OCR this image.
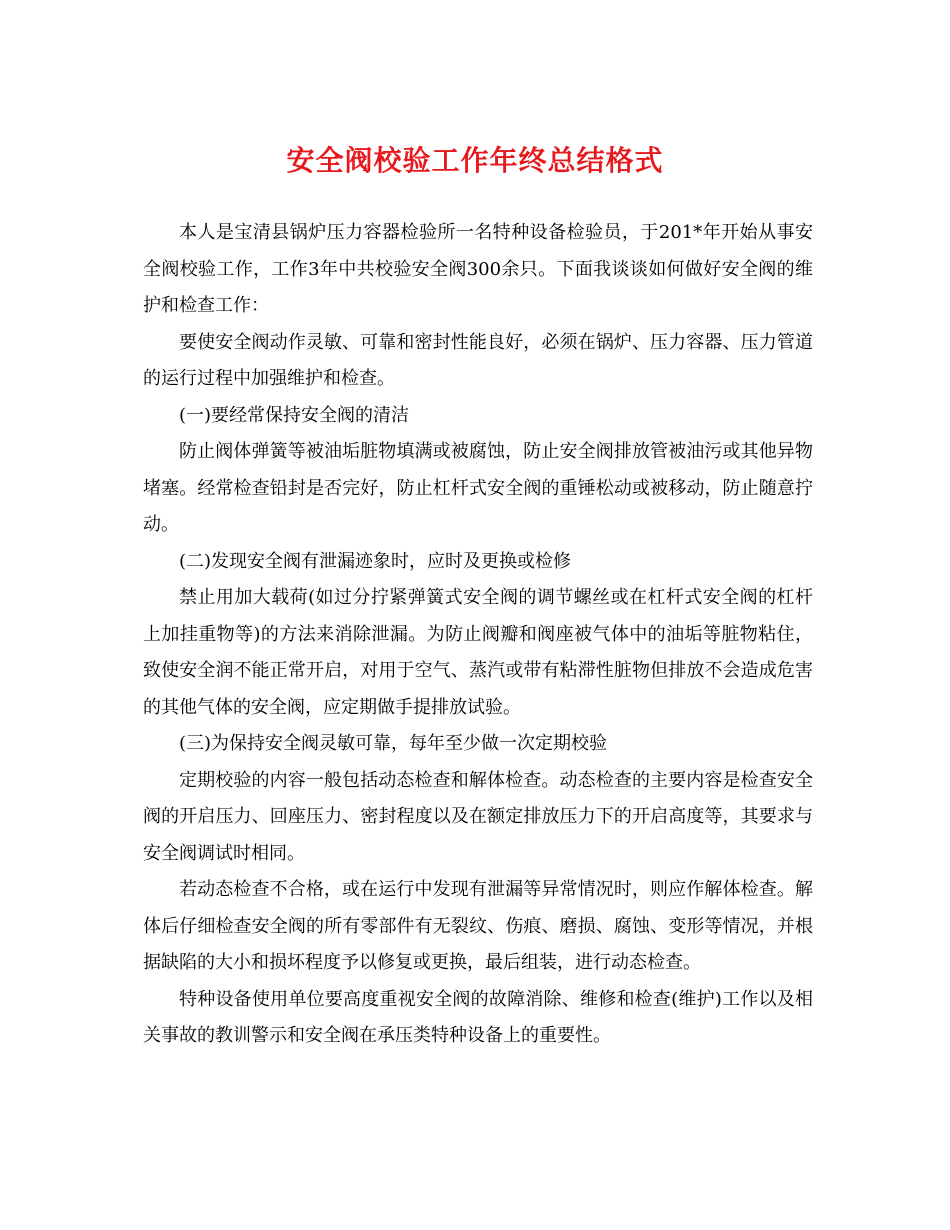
安全阀校验工作年终总结格式

本人是宝清县锅炉压力容器检验所一名特种设备检验员，于201*年开始从事安全阀校验工作，工作3年中共校验安全阀300余只。下面我谈谈如何做好安全阀的维护和检查工作：

要使安全阀动作灵敏、可靠和密封性能良好，必须在锅炉、压力容器、压力管道的运行过程中加强维护和检查。

(一)要经常保持安全阀的清洁

防止阀体弹簧等被油垢脏物填满或被腐蚀，防止安全阀排放管被油污或其他异物堵塞。经常检查铅封是否完好，防止杠杆式安全阀的重锤松动或被移动，防止随意拧动。

(二)发现安全阀有泄漏迹象时，应时及更换或检修

禁止用加大载荷(如过分拧紧弹簧式安全阀的调节螺丝或在杠杆式安全阀的杠杆上加挂重物等)的方法来消除泄漏。为防止阀瓣和阀座被气体中的油垢等脏物粘住，致使安全润不能正常开启，对用于空气、蒸汽或带有粘滞性脏物但排放不会造成危害的其他气体的安全阀，应定期做手提排放试验。

(三)为保持安全阀灵敏可靠，每年至少做一次定期校验

定期校验的内容一般包括动态检查和解体检查。动态检查的主要内容是检查安全阀的开启压力、回座压力、密封程度以及在额定排放压力下的开启高度等，其要求与安全阀调试时相同。

若动态检查不合格，或在运行中发现有泄漏等异常情况时，则应作解体检查。解体后仔细检查安全阀的所有零部件有无裂纹、伤痕、磨损、腐蚀、变形等情况，并根据缺陷的大小和损坏程度予以修复或更换，最后组装，进行动态检查。

特种设备使用单位要高度重视安全阀的故障消除、维修和检查(维护)工作以及相关事故的教训警示和安全阀在承压类特种设备上的重要性。
